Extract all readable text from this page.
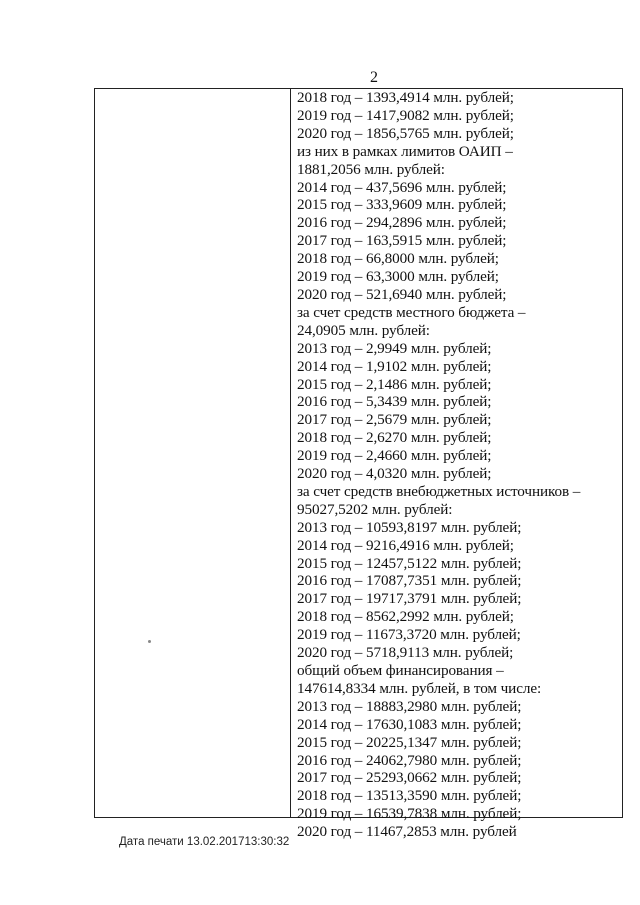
2
2018 год – 1393,4914 млн. рублей;
2019 год – 1417,9082 млн. рублей;
2020 год – 1856,5765 млн. рублей;
из них в рамках лимитов ОАИП –
1881,2056 млн. рублей:
2014 год – 437,5696 млн. рублей;
2015 год – 333,9609 млн. рублей;
2016 год – 294,2896 млн. рублей;
2017 год – 163,5915 млн. рублей;
2018 год – 66,8000 млн. рублей;
2019 год – 63,3000 млн. рублей;
2020 год – 521,6940 млн. рублей;
за счет средств местного бюджета –
24,0905 млн. рублей:
2013 год – 2,9949 млн. рублей;
2014 год – 1,9102 млн. рублей;
2015 год – 2,1486 млн. рублей;
2016 год – 5,3439 млн. рублей;
2017 год – 2,5679 млн. рублей;
2018 год – 2,6270 млн. рублей;
2019 год – 2,4660 млн. рублей;
2020 год – 4,0320 млн. рублей;
за счет средств внебюджетных источников –
95027,5202 млн. рублей:
2013 год – 10593,8197 млн. рублей;
2014 год – 9216,4916 млн. рублей;
2015 год – 12457,5122 млн. рублей;
2016 год – 17087,7351 млн. рублей;
2017 год – 19717,3791 млн. рублей;
2018 год – 8562,2992 млн. рублей;
2019 год – 11673,3720 млн. рублей;
2020 год – 5718,9113 млн. рублей;
общий объем финансирования –
147614,8334 млн. рублей, в том числе:
2013 год – 18883,2980 млн. рублей;
2014 год – 17630,1083 млн. рублей;
2015 год – 20225,1347 млн. рублей;
2016 год – 24062,7980 млн. рублей;
2017 год – 25293,0662 млн. рублей;
2018 год – 13513,3590 млн. рублей;
2019 год – 16539,7838 млн. рублей;
2020 год – 11467,2853 млн. рублей
Дата печати 13.02.201713:30:32
